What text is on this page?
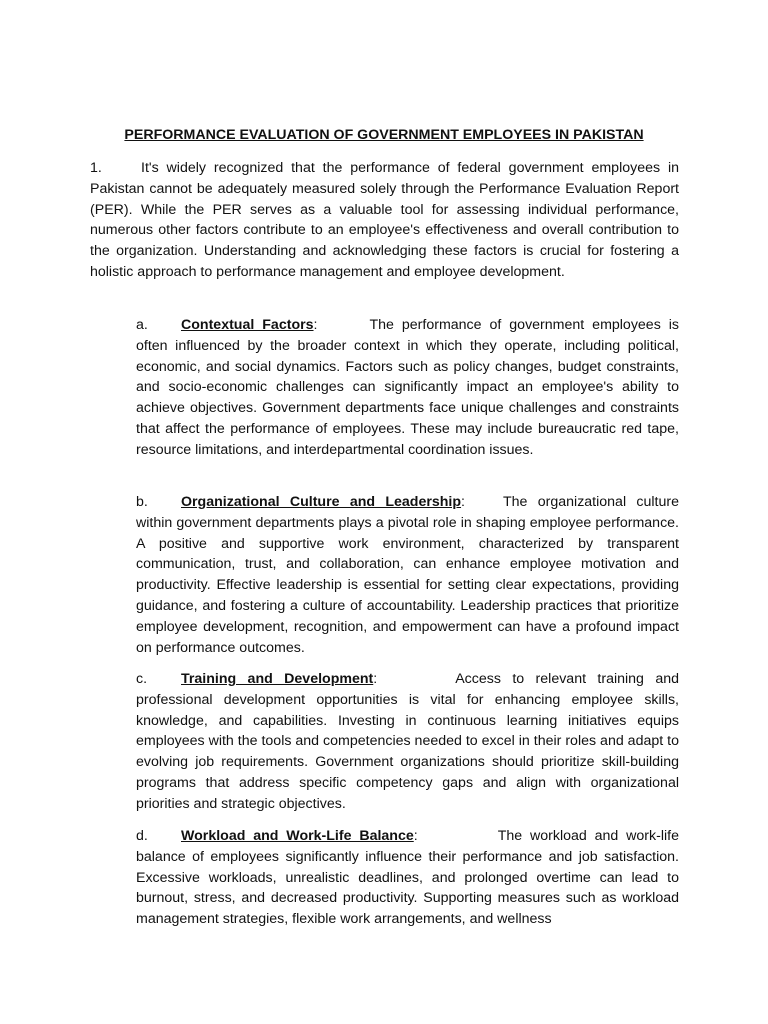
PERFORMANCE EVALUATION OF GOVERNMENT EMPLOYEES IN PAKISTAN
1.	It's widely recognized that the performance of federal government employees in Pakistan cannot be adequately measured solely through the Performance Evaluation Report (PER). While the PER serves as a valuable tool for assessing individual performance, numerous other factors contribute to an employee's effectiveness and overall contribution to the organization. Understanding and acknowledging these factors is crucial for fostering a holistic approach to performance management and employee development.
a. Contextual Factors:	The performance of government employees is often influenced by the broader context in which they operate, including political, economic, and social dynamics. Factors such as policy changes, budget constraints, and socio-economic challenges can significantly impact an employee's ability to achieve objectives. Government departments face unique challenges and constraints that affect the performance of employees. These may include bureaucratic red tape, resource limitations, and interdepartmental coordination issues.
b. Organizational Culture and Leadership:	The organizational culture within government departments plays a pivotal role in shaping employee performance. A positive and supportive work environment, characterized by transparent communication, trust, and collaboration, can enhance employee motivation and productivity. Effective leadership is essential for setting clear expectations, providing guidance, and fostering a culture of accountability. Leadership practices that prioritize employee development, recognition, and empowerment can have a profound impact on performance outcomes.
c. Training and Development:	Access to relevant training and professional development opportunities is vital for enhancing employee skills, knowledge, and capabilities. Investing in continuous learning initiatives equips employees with the tools and competencies needed to excel in their roles and adapt to evolving job requirements. Government organizations should prioritize skill-building programs that address specific competency gaps and align with organizational priorities and strategic objectives.
d. Workload and Work-Life Balance:	The workload and work-life balance of employees significantly influence their performance and job satisfaction. Excessive workloads, unrealistic deadlines, and prolonged overtime can lead to burnout, stress, and decreased productivity. Supporting measures such as workload management strategies, flexible work arrangements, and wellness
